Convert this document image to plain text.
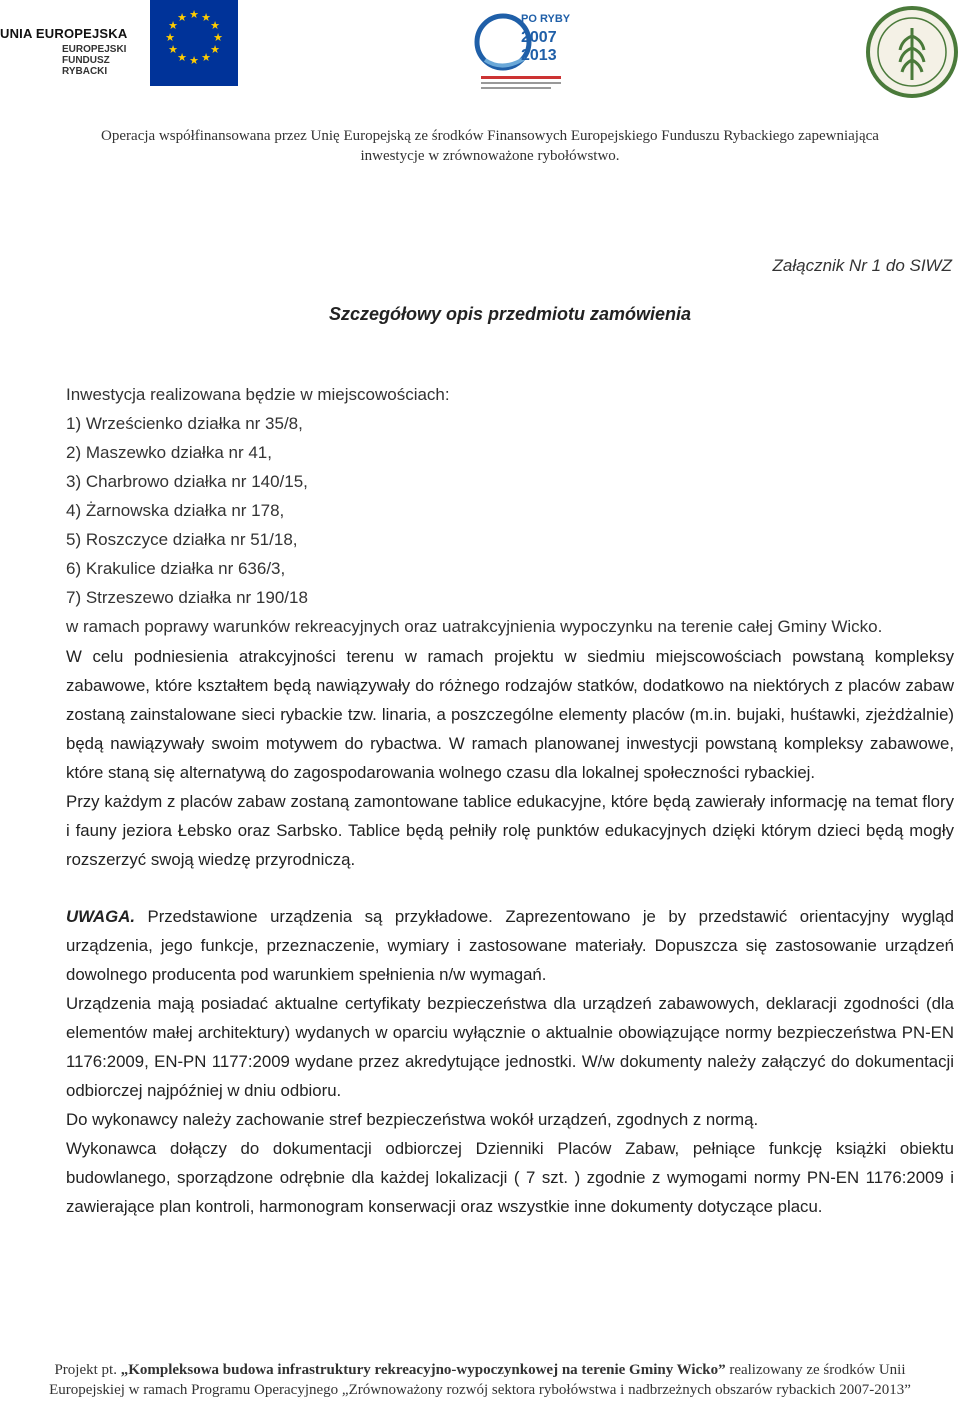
UNIA EUROPEJSKA
EUROPEJSKI
FUNDUSZ
RYBACKI
★ ★
★
★
★
★
★
★
★
★
★
★	PO RYBY
2007
2013
Operacja współfinansowana przez Unię Europejską ze środków Finansowych Europejskiego Funduszu Rybackiego zapewniająca
inwestycje w zrównoważone rybołówstwo.
Załącznik Nr 1 do SIWZ
Szczegółowy opis przedmiotu zamówienia
Inwestycja realizowana będzie w miejscowościach:
1) Wrześcienko działka nr 35/8,
2) Maszewko działka nr 41,
3) Charbrowo działka nr 140/15,
4) Żarnowska działka nr 178,
5) Roszczyce działka nr 51/18,
6) Krakulice działka nr 636/3,
7) Strzeszewo działka nr 190/18
w ramach poprawy warunków rekreacyjnych oraz uatrakcyjnienia wypoczynku na terenie całej Gminy Wicko.

W celu podniesienia atrakcyjności terenu w ramach projektu w siedmiu miejscowościach powstaną kompleksy zabawowe, które kształtem będą nawiązywały do różnego rodzajów statków, dodatkowo na niektórych z placów zabaw zostaną zainstalowane sieci rybackie tzw. linaria, a poszczególne elementy placów (m.in. bujaki, huśtawki, zjeżdżalnie) będą nawiązywały swoim motywem do rybactwa. W ramach planowanej inwestycji powstaną kompleksy zabawowe, które staną się alternatywą do zagospodarowania wolnego czasu dla lokalnej społeczności rybackiej.

Przy każdym z placów zabaw zostaną zamontowane tablice edukacyjne, które będą zawierały informację na temat flory i fauny jeziora Łebsko oraz Sarbsko. Tablice będą pełniły rolę punktów edukacyjnych dzięki którym dzieci będą mogły rozszerzyć swoją wiedzę przyrodniczą.

UWAGA. Przedstawione urządzenia są przykładowe. Zaprezentowano je by przedstawić orientacyjny wygląd urządzenia, jego funkcje, przeznaczenie, wymiary i zastosowane materiały. Dopuszcza się zastosowanie urządzeń dowolnego producenta pod warunkiem spełnienia n/w wymagań.

Urządzenia mają posiadać aktualne certyfikaty bezpieczeństwa dla urządzeń zabawowych, deklaracji zgodności (dla elementów małej architektury) wydanych w oparciu wyłącznie o aktualnie obowiązujące normy bezpieczeństwa PN-EN 1176:2009, EN-PN 1177:2009 wydane przez akredytujące jednostki. W/w dokumenty należy załączyć do dokumentacji odbiorczej najpóźniej w dniu odbioru.

Do wykonawcy należy zachowanie stref bezpieczeństwa wokół urządzeń, zgodnych z normą.

Wykonawca dołączy do dokumentacji odbiorczej Dzienniki Placów Zabaw, pełniące funkcję książki obiektu budowlanego, sporządzone odrębnie dla każdej lokalizacji ( 7 szt. ) zgodnie z wymogami normy PN-EN 1176:2009 i zawierające plan kontroli, harmonogram konserwacji oraz wszystkie inne dokumenty dotyczące placu.

Projekt pt. „Kompleksowa budowa infrastruktury rekreacyjno-wypoczynkowej na terenie Gminy Wicko” realizowany ze środków Unii Europejskiej w ramach Programu Operacyjnego „Zrównoważony rozwój sektora rybołówstwa i nadbrzeżnych obszarów rybackich 2007-2013”
